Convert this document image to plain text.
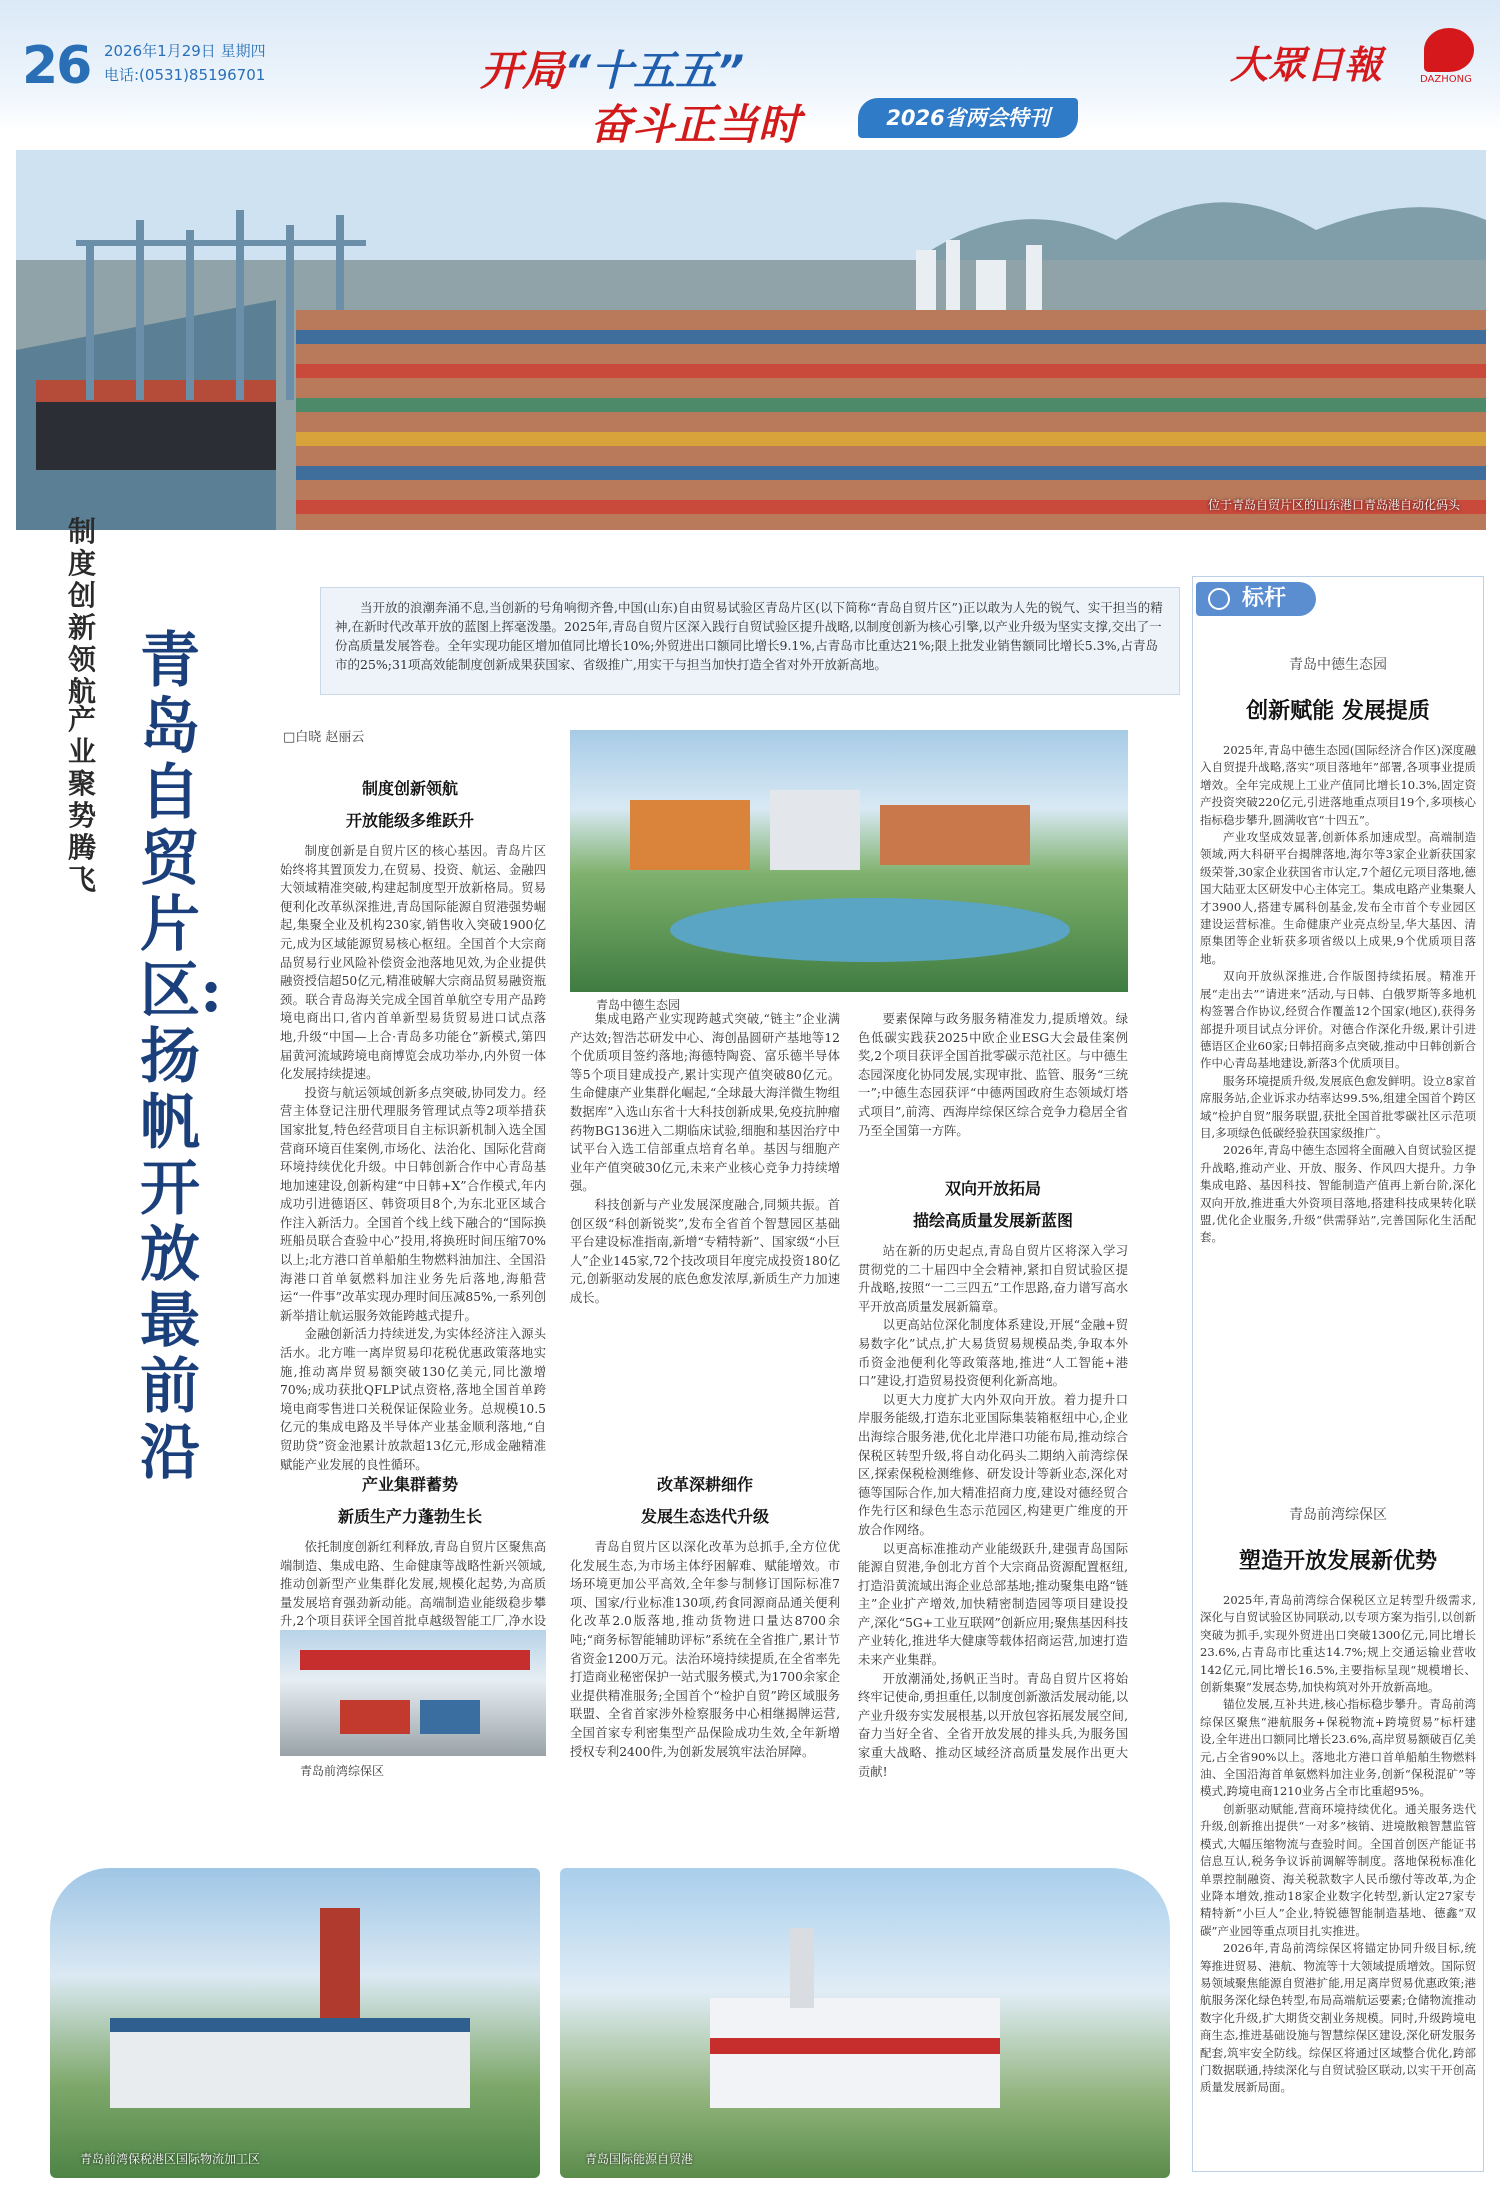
26 2026年1月29日 星期四
电话:(0531)85196701	开局“十五五”
奋斗正当时	2026省两会特刊
大眾日報	DAZHONG
位于青岛自贸片区的山东港口青岛港自动化码头
制度创新领航
产业聚势腾飞
青岛自贸片区:扬帆开放最前沿
当开放的浪潮奔涌不息,当创新的号角响彻齐鲁,中国(山东)自由贸易试验区青岛片区(以下简称“青岛自贸片区”)正以敢为人先的锐气、实干担当的精神,在新时代改革开放的蓝图上挥毫泼墨。2025年,青岛自贸片区深入践行自贸试验区提升战略,以制度创新为核心引擎,以产业升级为坚实支撑,交出了一份高质量发展答卷。全年实现功能区增加值同比增长10%;外贸进出口额同比增长9.1%,占青岛市比重达21%;限上批发业销售额同比增长5.3%,占青岛市的25%;31项高效能制度创新成果获国家、省级推广,用实干与担当加快打造全省对外开放新高地。
□白晓 赵丽云
制度创新领航
开放能级多维跃升

制度创新是自贸片区的核心基因。青岛片区始终将其置顶发力,在贸易、投资、航运、金融四大领域精准突破,构建起制度型开放新格局。贸易便利化改革纵深推进,青岛国际能源自贸港强势崛起,集聚全业及机构230家,销售收入突破1900亿元,成为区域能源贸易核心枢纽。全国首个大宗商品贸易行业风险补偿资金池落地见效,为企业提供融资授信超50亿元,精准破解大宗商品贸易融资瓶颈。联合青岛海关完成全国首单航空专用产品跨境电商出口,省内首单新型易货贸易进口试点落地,升级“中国—上合·青岛多功能仓”新模式,第四届黄河流域跨境电商博览会成功举办,内外贸一体化发展持续提速。

投资与航运领域创新多点突破,协同发力。经营主体登记注册代理服务管理试点等2项举措获国家批复,特色经营项目自主标识新机制入选全国营商环境百佳案例,市场化、法治化、国际化营商环境持续优化升级。中日韩创新合作中心青岛基地加速建设,创新构建“中日韩+X”合作模式,年内成功引进德语区、韩资项目8个,为东北亚区域合作注入新活力。全国首个线上线下融合的“国际换班船员联合查验中心”投用,将换班时间压缩70%以上;北方港口首单船舶生物燃料油加注、全国沿海港口首单氨燃料加注业务先后落地,海船营运“一件事”改革实现办理时间压减85%,一系列创新举措让航运服务效能跨越式提升。

金融创新活力持续迸发,为实体经济注入源头活水。北方唯一离岸贸易印花税优惠政策落地实施,推动离岸贸易额突破130亿美元,同比激增70%;成功获批QFLP试点资格,落地全国首单跨境电商零售进口关税保证保险业务。总规模10.5亿元的集成电路及半导体产业基金顺利落地,“自贸助贷”资金池累计放款超13亿元,形成金融精准赋能产业发展的良性循环。

青岛中德生态园
产业集群蓄势
新质生产力蓬勃生长

依托制度创新红利释放,青岛自贸片区聚焦高端制造、集成电路、生命健康等战略性新兴领域,推动创新型产业集群化发展,规模化起势,为高质量发展培育强劲新动能。高端制造业能级稳步攀升,2个项目获评全国首批卓越级智能工厂,净水设

青岛前湾综保区

集成电路产业实现跨越式突破,“链主”企业满产达效;智浩芯研发中心、海创晶圆研产基地等12个优质项目签约落地;海德特陶瓷、富乐德半导体等5个项目建成投产,累计实现产值突破80亿元。生命健康产业集群化崛起,“全球最大海洋微生物组数据库”入选山东省十大科技创新成果,免疫抗肿瘤药物BG136进入二期临床试验,细胞和基因治疗中试平台入选工信部重点培育名单。基因与细胞产业年产值突破30亿元,未来产业核心竞争力持续增强。

科技创新与产业发展深度融合,同频共振。首创区级“科创新锐奖”,发布全省首个智慧园区基础平台建设标准指南,新增“专精特新”、国家级“小巨人”企业145家,72个技改项目年度完成投资180亿元,创新驱动发展的底色愈发浓厚,新质生产力加速成长。

改革深耕细作
发展生态迭代升级

青岛自贸片区以深化改革为总抓手,全方位优化发展生态,为市场主体纾困解难、赋能增效。市场环境更加公平高效,全年参与制修订国际标准7项、国家/行业标准130项,药食同源商品通关便利化改革2.0版落地,推动货物进口量达8700余吨;“商务标智能辅助评标”系统在全省推广,累计节省资金1200万元。法治环境持续提质,在全省率先打造商业秘密保护一站式服务模式,为1700余家企业提供精准服务;全国首个“检护自贸”跨区域服务联盟、全省首家涉外检察服务中心相继揭牌运营,全国首家专利密集型产品保险成功生效,全年新增授权专利2400件,为创新发展筑牢法治屏障。

要素保障与政务服务精准发力,提质增效。绿色低碳实践获2025中欧企业ESG大会最佳案例奖,2个项目获评全国首批零碳示范社区。与中德生态园深度化协同发展,实现审批、监管、服务“三统一”;中德生态园获评“中德两国政府生态领域灯塔式项目”,前湾、西海岸综保区综合竞争力稳居全省乃至全国第一方阵。

双向开放拓局
描绘高质量发展新蓝图

站在新的历史起点,青岛自贸片区将深入学习贯彻党的二十届四中全会精神,紧扣自贸试验区提升战略,按照“一二三四五”工作思路,奋力谱写高水平开放高质量发展新篇章。

以更高站位深化制度体系建设,开展“金融+贸易数字化”试点,扩大易货贸易规模品类,争取本外币资金池便利化等政策落地,推进“人工智能+港口”建设,打造贸易投资便利化新高地。

以更大力度扩大内外双向开放。着力提升口岸服务能级,打造东北亚国际集装箱枢纽中心,企业出海综合服务港,优化北岸港口功能布局,推动综合保税区转型升级,将自动化码头二期纳入前湾综保区,探索保税检测维修、研发设计等新业态,深化对德等国际合作,加大精准招商力度,建设对德经贸合作先行区和绿色生态示范园区,构建更广维度的开放合作网络。

以更高标准推动产业能级跃升,建强青岛国际能源自贸港,争创北方首个大宗商品资源配置枢纽,打造沿黄流域出海企业总部基地;推动聚集电路“链主”企业扩产增效,加快精密制造园等项目建设投产,深化“5G+工业互联网”创新应用;聚焦基因科技产业转化,推进华大健康等载体招商运营,加速打造未来产业集群。

开放潮涌处,扬帆正当时。青岛自贸片区将始终牢记使命,勇担重任,以制度创新激活发展动能,以产业升级夯实发展根基,以开放包容拓展发展空间,奋力当好全省、全省开放发展的排头兵,为服务国家重大战略、推动区域经济高质量发展作出更大贡献!

青岛前湾保税港区国际物流加工区	青岛国际能源自贸港
标杆
青岛中德生态园
创新赋能 发展提质

2025年,青岛中德生态园(国际经济合作区)深度融入自贸提升战略,落实“项目落地年”部署,各项事业提质增效。全年完成规上工业产值同比增长10.3%,固定资产投资突破220亿元,引进落地重点项目19个,多项核心指标稳步攀升,圆满收官“十四五”。

产业攻坚成效显著,创新体系加速成型。高端制造领域,两大科研平台揭牌落地,海尔等3家企业新获国家级荣誉,30家企业获国省市认定,7个超亿元项目落地,德国大陆亚太区研发中心主体完工。集成电路产业集聚人才3900人,搭建专属科创基金,发布全市首个专业园区建设运营标准。生命健康产业亮点纷呈,华大基因、清原集团等企业斩获多项省级以上成果,9个优质项目落地。

双向开放纵深推进,合作版图持续拓展。精准开展“走出去”“请进来”活动,与日韩、白俄罗斯等多地机构签署合作协议,经贸合作覆盖12个国家(地区),获得务部提升项目试点分评价。对德合作深化升级,累计引进德语区企业60家;日韩招商多点突破,推动中日韩创新合作中心青岛基地建设,新落3个优质项目。

服务环境提质升级,发展底色愈发鲜明。设立8家首席服务站,企业诉求办结率达99.5%,组建全国首个跨区域“检护自贸”服务联盟,获批全国首批零碳社区示范项目,多项绿色低碳经验获国家级推广。

2026年,青岛中德生态园将全面融入自贸试验区提升战略,推动产业、开放、服务、作风四大提升。力争集成电路、基因科技、智能制造产值再上新台阶,深化双向开放,推进重大外资项目落地,搭建科技成果转化联盟,优化企业服务,升级“供需驿站”,完善国际化生活配套。

青岛前湾综保区
塑造开放发展新优势

2025年,青岛前湾综合保税区立足转型升级需求,深化与自贸试验区协同联动,以专项方案为指引,以创新突破为抓手,实现外贸进出口突破1300亿元,同比增长23.6%,占青岛市比重达14.7%;规上交通运输业营收142亿元,同比增长16.5%,主要指标呈现“规模增长、创新集聚”发展态势,加快构筑对外开放新高地。

锚位发展,互补共进,核心指标稳步攀升。青岛前湾综保区聚焦“港航服务+保税物流+跨境贸易”标杆建设,全年进出口额同比增长23.6%,高岸贸易额破百亿美元,占全省90%以上。落地北方港口首单船舶生物燃料油、全国沿海首单氨燃料加注业务,创新“保税混矿”等模式,跨境电商1210业务占全市比重超95%。

创新驱动赋能,营商环境持续优化。通关服务迭代升级,创新推出提供“一对多”核销、进境散粮智慧监管模式,大幅压缩物流与查验时间。全国首创医产能证书信息互认,税务争议诉前调解等制度。落地保税标准化单票控制融资、海关税款数字人民币缴付等改革,为企业降本增效,推动18家企业数字化转型,新认定27家专精特新“小巨人”企业,特锐德智能制造基地、德鑫“双碳”产业园等重点项目扎实推进。

2026年,青岛前湾综保区将锚定协同升级目标,统筹推进贸易、港航、物流等十大领域提质增效。国际贸易领域聚焦能源自贸港扩能,用足离岸贸易优惠政策;港航服务深化绿色转型,布局高端航运要素;仓储物流推动数字化升级,扩大期货交割业务规模。同时,升级跨境电商生态,推进基础设施与智慧综保区建设,深化研发服务配套,筑牢安全防线。综保区将通过区域整合优化,跨部门数据联通,持续深化与自贸试验区联动,以实干开创高质量发展新局面。
